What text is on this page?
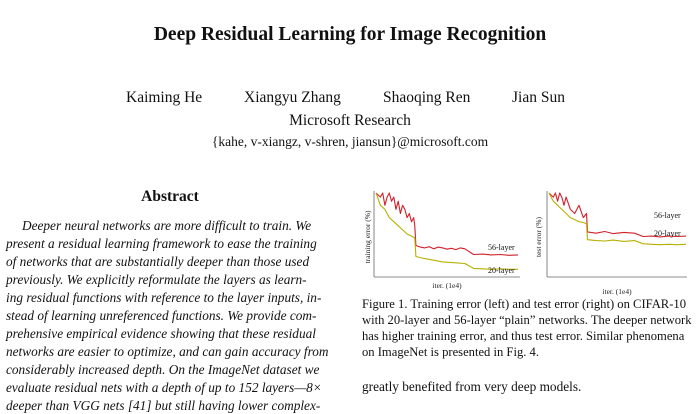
Deep Residual Learning for Image Recognition
Kaiming He	Xiangyu Zhang	Shaoqing Ren	Jian Sun
Microsoft Research
{kahe, v-xiangz, v-shren, jiansun}@microsoft.com
Abstract
Deeper neural networks are more difficult to train. We
present a residual learning framework to ease the training
of networks that are substantially deeper than those used
previously. We explicitly reformulate the layers as learn-
ing residual functions with reference to the layer inputs, in-
stead of learning unreferenced functions. We provide com-
prehensive empirical evidence showing that these residual
networks are easier to optimize, and can gain accuracy from
considerably increased depth. On the ImageNet dataset we
evaluate residual nets with a depth of up to 152 layers—8×
deeper than VGG nets [41] but still having lower complex-
training error (%)
iter. (1e4)
56-layer
20-layer
test error (%)
iter. (1e4)
56-layer
20-layer
Figure 1. Training error (left) and test error (right) on CIFAR-10
with 20-layer and 56-layer “plain” networks. The deeper network
has higher training error, and thus test error. Similar phenomena
on ImageNet is presented in Fig. 4.
greatly benefited from very deep models.
